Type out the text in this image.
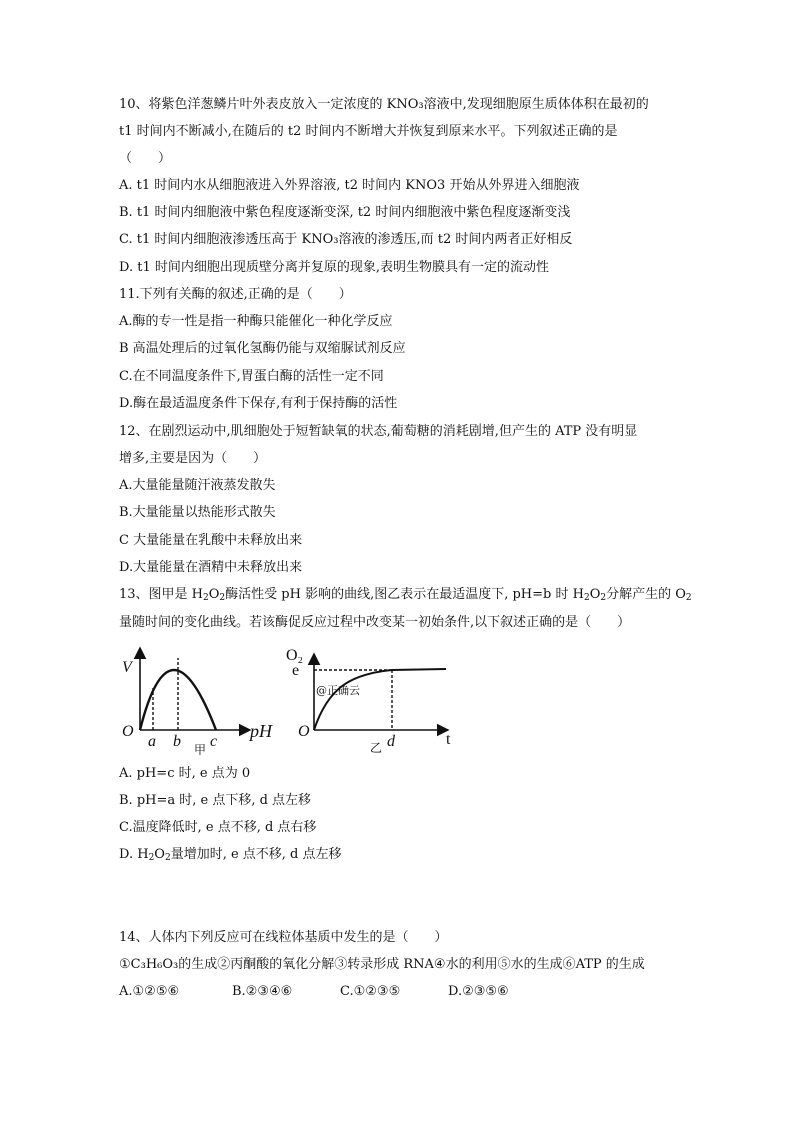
10、将紫色洋葱鳞片叶外表皮放入一定浓度的 KNO₃溶液中,发现细胞原生质体体积在最初的
t1 时间内不断减小,在随后的 t2 时间内不断增大并恢复到原来水平。下列叙述正确的是
（　　）
A. t1 时间内水从细胞液进入外界溶液, t2 时间内 KNO3 开始从外界进入细胞液
B. t1 时间内细胞液中紫色程度逐渐变深, t2 时间内细胞液中紫色程度逐渐变浅
C. t1 时间内细胞液渗透压高于 KNO₃溶液的渗透压,而 t2 时间内两者正好相反
D. t1 时间内细胞出现质壁分离并复原的现象,表明生物膜具有一定的流动性
11.下列有关酶的叙述,正确的是（　　）
A.酶的专一性是指一种酶只能催化一种化学反应
B 高温处理后的过氧化氢酶仍能与双缩脲试剂反应
C.在不同温度条件下,胃蛋白酶的活性一定不同
D.酶在最适温度条件下保存,有利于保持酶的活性
12、在剧烈运动中,肌细胞处于短暂缺氧的状态,葡萄糖的消耗剧增,但产生的 ATP 没有明显
增多,主要是因为（　　）
A.大量能量随汗液蒸发散失
B.大量能量以热能形式散失
C 大量能量在乳酸中未释放出来
D.大量能量在酒精中未释放出来
13、图甲是 $H_2O_2$酶活性受 pH 影响的曲线,图乙表示在最适温度下, pH=b 时 $H_2O_2$分解产生的 $O_2$
量随时间的变化曲线。若该酶促反应过程中改变某一初始条件,以下叙述正确的是（　　）
V
O
a b c
pH
甲
O₂
e
@正确云
O
d	t
乙
A. pH=c 时, e 点为 0
B. pH=a 时, e 点下移, d 点左移
C.温度降低时, e 点不移, d 点右移
D. $H_2O_2$量增加时, e 点不移, d 点左移
14、人体内下列反应可在线粒体基质中发生的是（　　）
①C₃H₆O₃的生成②丙酮酸的氧化分解③转录形成 RNA④水的利用⑤水的生成⑥ATP 的生成
A.①②⑤⑥	B.②③④⑥	C.①②③⑤	D.②③⑤⑥
